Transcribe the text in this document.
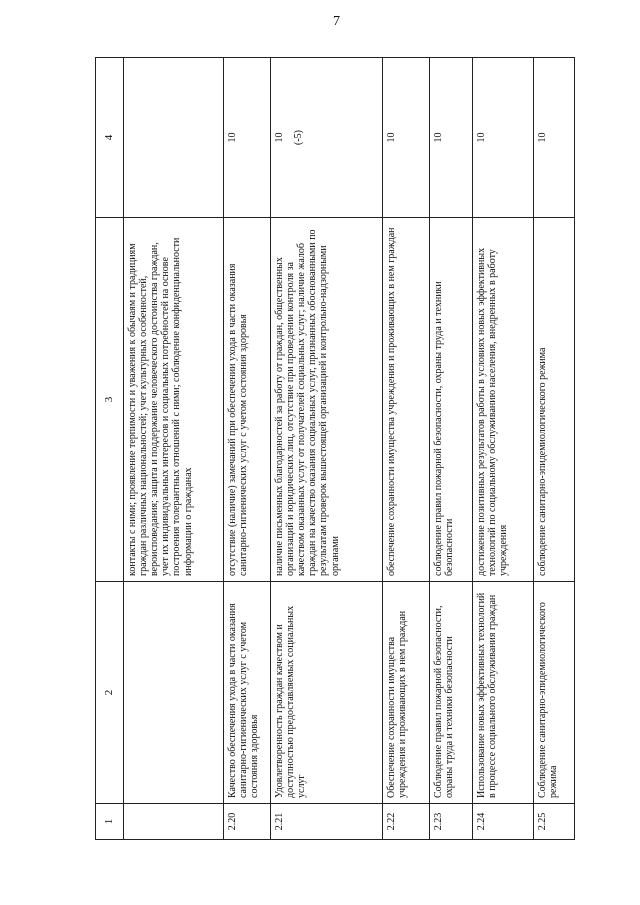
7
1	2	3	4
		контакты с ними; проявление терпимости и уважения к обычаям и традициям граждан различных национальностей; учет культурных особенностей, вероисповедания; защита и поддержание человеческого достоинства граждан, учет их индивидуальных интересов и социальных потребностей на основе построения толерантных отношений с ними; соблюдение конфиденциальности информации о гражданах	
2.20	Качество обеспечения ухода в части оказания санитарно-гигиенических услуг с учетом состояния здоровья	отсутствие (наличие) замечаний при обеспечении ухода в части оказания санитарно-гигиенических услуг с учетом состояния здоровья	10
2.21	Удовлетворенность граждан качеством и доступностью предоставляемых социальных услуг	наличие письменных благодарностей за работу от граждан, общественных организаций и юридических лиц, отсутствие при проведении контроля за качеством оказанных услуг от получателей социальных услуг; наличие жалоб граждан на качество оказания социальных услуг, признанных обоснованными по результатам проверок вышестоящей организацией и контрольно-надзорными органами	10 (-5)

2.22	Обеспечение сохранности имущества учреждения и проживающих в нем граждан	обеспечение сохранности имущества учреждения и проживающих в нем граждан	10
2.23	Соблюдение правил пожарной безопасности, охраны труда и техники безопасности	соблюдение правил пожарной безопасности, охраны труда и техники безопасности	10
2.24	Использование новых эффективных технологий в процессе социального обслуживания граждан	достижение позитивных результатов работы в условиях новых эффективных технологий по социальному обслуживанию населения, внедренных в работу учреждения	10
2.25	Соблюдение санитарно-эпидемиологического режима	соблюдение санитарно-эпидемиологического режима	10
